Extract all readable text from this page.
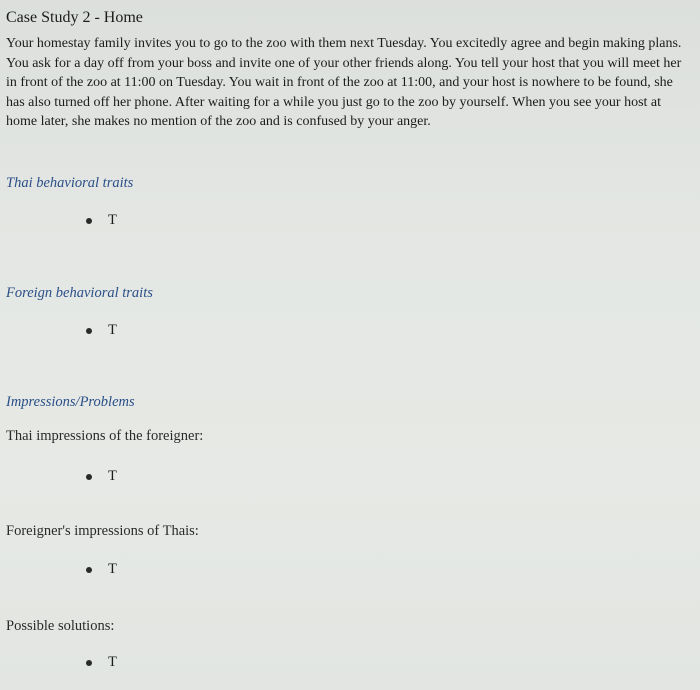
Case Study 2 - Home

Your homestay family invites you to go to the zoo with them next Tuesday. You excitedly agree and begin making plans. You ask for a day off from your boss and invite one of your other friends along. You tell your host that you will meet her in front of the zoo at 11:00 on Tuesday. You wait in front of the zoo at 11:00, and your host is nowhere to be found, she has also turned off her phone. After waiting for a while you just go to the zoo by yourself. When you see your host at home later, she makes no mention of the zoo and is confused by your anger.

Thai behavioral traits
T
Foreign behavioral traits
T
Impressions/Problems
Thai impressions of the foreigner:
T
Foreigner's impressions of Thais:
T
Possible solutions:
T
